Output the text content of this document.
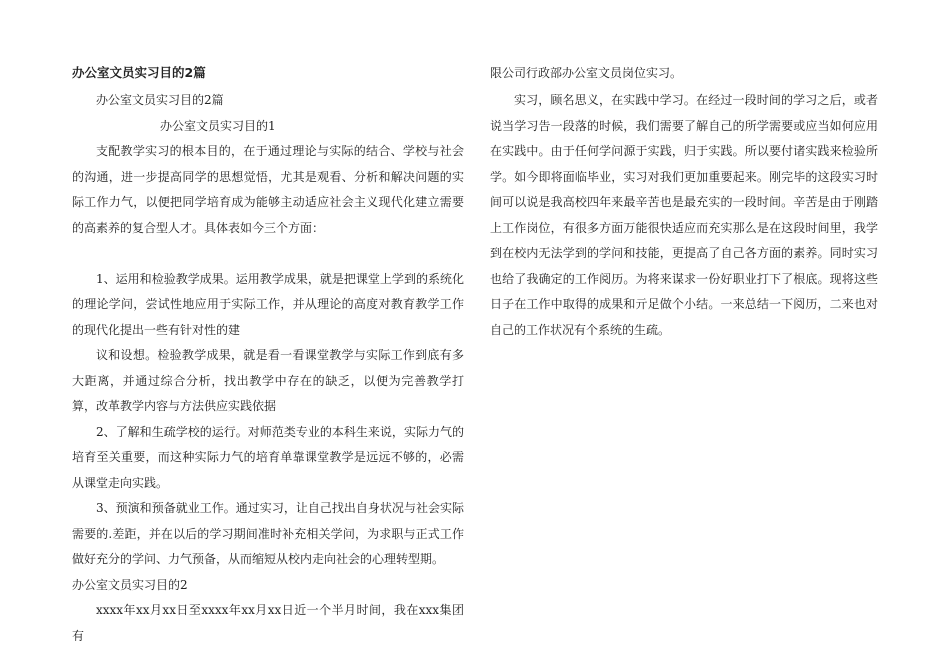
办公室文员实习目的2篇

办公室文员实习目的2篇

办公室文员实习目的1

支配教学实习的根本目的，在于通过理论与实际的结合、学校与社会的沟通，进一步提高同学的思想觉悟，尤其是观看、分析和解决问题的实际工作力气，以便把同学培育成为能够主动适应社会主义现代化建立需要的高素养的复合型人才。具体表如今三个方面：

1、运用和检验教学成果。运用教学成果，就是把课堂上学到的系统化的理论学问，尝试性地应用于实际工作，并从理论的高度对教育教学工作的现代化提出一些有针对性的建

议和设想。检验教学成果，就是看一看课堂教学与实际工作到底有多大距离，并通过综合分析，找出教学中存在的缺乏，以便为完善教学打算，改革教学内容与方法供应实践依据

2、了解和生疏学校的运行。对师范类专业的本科生来说，实际力气的培育至关重要，而这种实际力气的培育单靠课堂教学是远远不够的，必需从课堂走向实践。

3、预演和预备就业工作。通过实习，让自己找出自身状况与社会实际需要的.差距，并在以后的学习期间准时补充相关学问，为求职与正式工作做好充分的学问、力气预备，从而缩短从校内走向社会的心理转型期。

办公室文员实习目的2

xxxx年xx月xx日至xxxx年xx月xx日近一个半月时间，我在xxx集团有

限公司行政部办公室文员岗位实习。

实习，顾名思义，在实践中学习。在经过一段时间的学习之后，或者说当学习告一段落的时候，我们需要了解自己的所学需要或应当如何应用在实践中。由于任何学问源于实践，归于实践。所以要付诸实践来检验所学。如今即将面临毕业，实习对我们更加重要起来。刚完毕的这段实习时间可以说是我高校四年来最辛苦也是最充实的一段时间。辛苦是由于刚踏上工作岗位，有很多方面万能很快适应而充实那么是在这段时间里，我学到在校内无法学到的学问和技能，更提高了自己各方面的素养。同时实习也给了我确定的工作阅历。为将来谋求一份好职业打下了根底。现将这些日子在工作中取得的成果和亓足做个小结。一来总结一下阅历，二来也对自己的工作状况有个系统的生疏。
